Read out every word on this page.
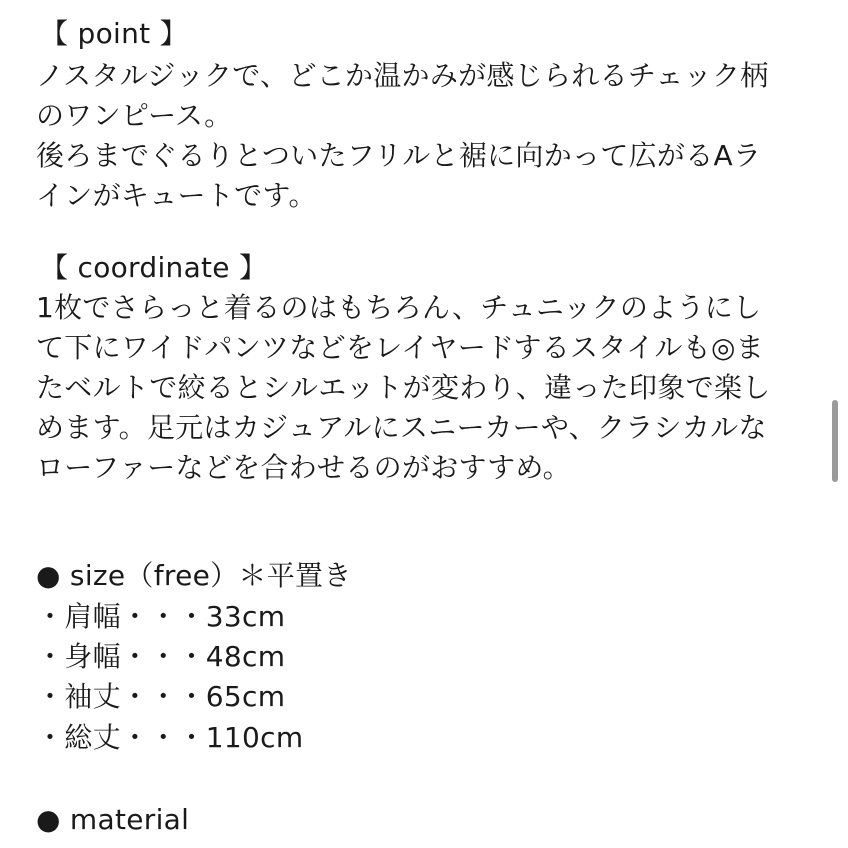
【 point 】
ノスタルジックで、どこか温かみが感じられるチェック柄
のワンピース。
後ろまでぐるりとついたフリルと裾に向かって広がるAラ
インがキュートです。
【 coordinate 】
1枚でさらっと着るのはもちろん、チュニックのようにし
て下にワイドパンツなどをレイヤードするスタイルも◎ま
たベルトで絞るとシルエットが変わり、違った印象で楽し
めます。足元はカジュアルにスニーカーや、クラシカルな
ローファーなどを合わせるのがおすすめ。
● size（free）＊平置き
・肩幅・・・33cm
・身幅・・・48cm
・袖丈・・・65cm
・総丈・・・110cm
● material
